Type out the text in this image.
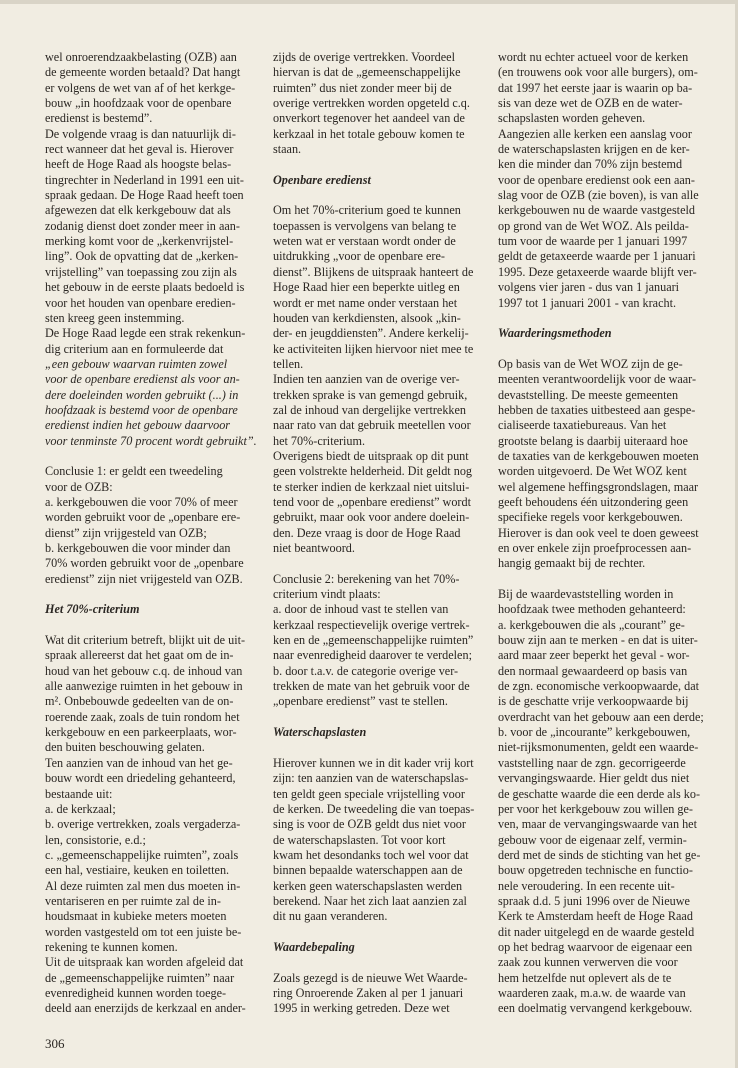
wel onroerendzaakbelasting (OZB) aan
de gemeente worden betaald? Dat hangt
er volgens de wet van af of het kerkge-
bouw „in hoofdzaak voor de openbare
eredienst is bestemd”.
De volgende vraag is dan natuurlijk di-
rect wanneer dat het geval is. Hierover
heeft de Hoge Raad als hoogste belas-
tingrechter in Nederland in 1991 een uit-
spraak gedaan. De Hoge Raad heeft toen
afgewezen dat elk kerkgebouw dat als
zodanig dienst doet zonder meer in aan-
merking komt voor de „kerkenvrijstel-
ling”. Ook de opvatting dat de „kerken-
vrijstelling” van toepassing zou zijn als
het gebouw in de eerste plaats bedoeld is
voor het houden van openbare eredien-
sten kreeg geen instemming.
De Hoge Raad legde een strak rekenkun-
dig criterium aan en formuleerde dat
„een gebouw waarvan ruimten zowel
voor de openbare eredienst als voor an-
dere doeleinden worden gebruikt (...) in
hoofdzaak is bestemd voor de openbare
eredienst indien het gebouw daarvoor
voor tenminste 70 procent wordt gebruikt”.
Conclusie 1: er geldt een tweedeling
voor de OZB:
a. kerkgebouwen die voor 70% of meer
worden gebruikt voor de „openbare ere-
dienst” zijn vrijgesteld van OZB;
b. kerkgebouwen die voor minder dan
70% worden gebruikt voor de „openbare
eredienst” zijn niet vrijgesteld van OZB.
Het 70%-criterium
Wat dit criterium betreft, blijkt uit de uit-
spraak allereerst dat het gaat om de in-
houd van het gebouw c.q. de inhoud van
alle aanwezige ruimten in het gebouw in
m². Onbebouwde gedeelten van de on-
roerende zaak, zoals de tuin rondom het
kerkgebouw en een parkeerplaats, wor-
den buiten beschouwing gelaten.
Ten aanzien van de inhoud van het ge-
bouw wordt een driedeling gehanteerd,
bestaande uit:
a. de kerkzaal;
b. overige vertrekken, zoals vergaderza-
len, consistorie, e.d.;
c. „gemeenschappelijke ruimten”, zoals
een hal, vestiaire, keuken en toiletten.
Al deze ruimten zal men dus moeten in-
ventariseren en per ruimte zal de in-
houdsmaat in kubieke meters moeten
worden vastgesteld om tot een juiste be-
rekening te kunnen komen.
Uit de uitspraak kan worden afgeleid dat
de „gemeenschappelijke ruimten” naar
evenredigheid kunnen worden toege-
deeld aan enerzijds de kerkzaal en ander-
zijds de overige vertrekken. Voordeel
hiervan is dat de „gemeenschappelijke
ruimten” dus niet zonder meer bij de
overige vertrekken worden opgeteld c.q.
onverkort tegenover het aandeel van de
kerkzaal in het totale gebouw komen te
staan.
Openbare eredienst
Om het 70%-criterium goed te kunnen
toepassen is vervolgens van belang te
weten wat er verstaan wordt onder de
uitdrukking „voor de openbare ere-
dienst”. Blijkens de uitspraak hanteert de
Hoge Raad hier een beperkte uitleg en
wordt er met name onder verstaan het
houden van kerkdiensten, alsook „kin-
der- en jeugddiensten”. Andere kerkelij-
ke activiteiten lijken hiervoor niet mee te
tellen.
Indien ten aanzien van de overige ver-
trekken sprake is van gemengd gebruik,
zal de inhoud van dergelijke vertrekken
naar rato van dat gebruik meetellen voor
het 70%-criterium.
Overigens biedt de uitspraak op dit punt
geen volstrekte helderheid. Dit geldt nog
te sterker indien de kerkzaal niet uitslui-
tend voor de „openbare eredienst” wordt
gebruikt, maar ook voor andere doelein-
den. Deze vraag is door de Hoge Raad
niet beantwoord.
Conclusie 2: berekening van het 70%-
criterium vindt plaats:
a. door de inhoud vast te stellen van
kerkzaal respectievelijk overige vertrek-
ken en de „gemeenschappelijke ruimten”
naar evenredigheid daarover te verdelen;
b. door t.a.v. de categorie overige ver-
trekken de mate van het gebruik voor de
„openbare eredienst” vast te stellen.
Waterschapslasten
Hierover kunnen we in dit kader vrij kort
zijn: ten aanzien van de waterschapslas-
ten geldt geen speciale vrijstelling voor
de kerken. De tweedeling die van toepas-
sing is voor de OZB geldt dus niet voor
de waterschapslasten. Tot voor kort
kwam het desondanks toch wel voor dat
binnen bepaalde waterschappen aan de
kerken geen waterschapslasten werden
berekend. Naar het zich laat aanzien zal
dit nu gaan veranderen.
Waardebepaling
Zoals gezegd is de nieuwe Wet Waarde-
ring Onroerende Zaken al per 1 januari
1995 in werking getreden. Deze wet
wordt nu echter actueel voor de kerken
(en trouwens ook voor alle burgers), om-
dat 1997 het eerste jaar is waarin op ba-
sis van deze wet de OZB en de water-
schapslasten worden geheven.
Aangezien alle kerken een aanslag voor
de waterschapslasten krijgen en de ker-
ken die minder dan 70% zijn bestemd
voor de openbare eredienst ook een aan-
slag voor de OZB (zie boven), is van alle
kerkgebouwen nu de waarde vastgesteld
op grond van de Wet WOZ. Als peilda-
tum voor de waarde per 1 januari 1997
geldt de getaxeerde waarde per 1 januari
1995. Deze getaxeerde waarde blijft ver-
volgens vier jaren - dus van 1 januari
1997 tot 1 januari 2001 - van kracht.
Waarderingsmethoden
Op basis van de Wet WOZ zijn de ge-
meenten verantwoordelijk voor de waar-
devaststelling. De meeste gemeenten
hebben de taxaties uitbesteed aan gespe-
cialiseerde taxatiebureaus. Van het
grootste belang is daarbij uiteraard hoe
de taxaties van de kerkgebouwen moeten
worden uitgevoerd. De Wet WOZ kent
wel algemene heffingsgrondslagen, maar
geeft behoudens één uitzondering geen
specifieke regels voor kerkgebouwen.
Hierover is dan ook veel te doen geweest
en over enkele zijn proefprocessen aan-
hangig gemaakt bij de rechter.
Bij de waardevaststelling worden in
hoofdzaak twee methoden gehanteerd:
a. kerkgebouwen die als „courant” ge-
bouw zijn aan te merken - en dat is uiter-
aard maar zeer beperkt het geval - wor-
den normaal gewaardeerd op basis van
de zgn. economische verkoopwaarde, dat
is de geschatte vrije verkoopwaarde bij
overdracht van het gebouw aan een derde;
b. voor de „incourante” kerkgebouwen,
niet-rijksmonumenten, geldt een waarde-
vaststelling naar de zgn. gecorrigeerde
vervangingswaarde. Hier geldt dus niet
de geschatte waarde die een derde als ko-
per voor het kerkgebouw zou willen ge-
ven, maar de vervangingswaarde van het
gebouw voor de eigenaar zelf, vermin-
derd met de sinds de stichting van het ge-
bouw opgetreden technische en functio-
nele veroudering. In een recente uit-
spraak d.d. 5 juni 1996 over de Nieuwe
Kerk te Amsterdam heeft de Hoge Raad
dit nader uitgelegd en de waarde gesteld
op het bedrag waarvoor de eigenaar een
zaak zou kunnen verwerven die voor
hem hetzelfde nut oplevert als de te
waarderen zaak, m.a.w. de waarde van
een doelmatig vervangend kerkgebouw.
306
